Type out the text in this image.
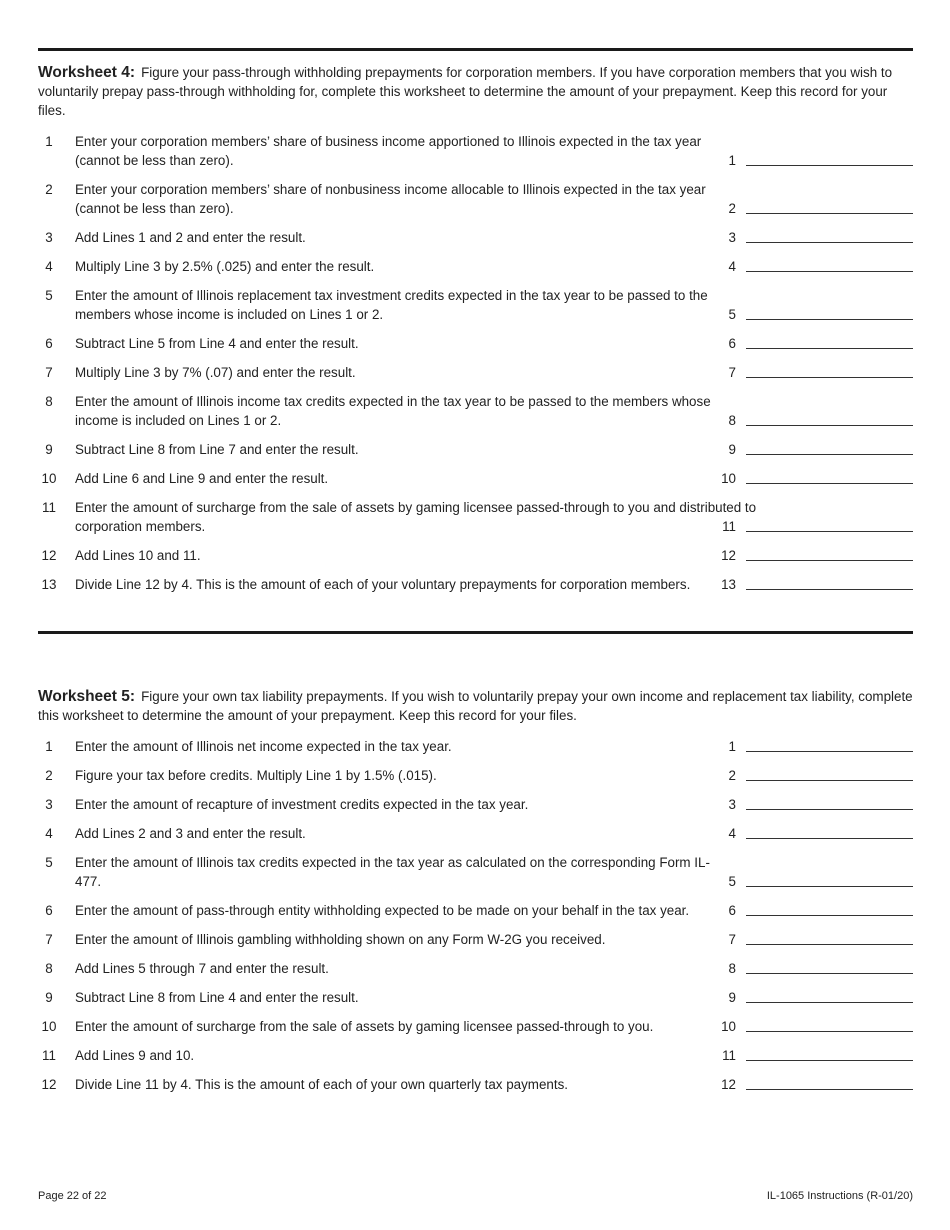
Worksheet 4: Figure your pass-through withholding prepayments for corporation members. If you have corporation members that you wish to voluntarily prepay pass-through withholding for, complete this worksheet to determine the amount of your prepayment. Keep this record for your files.

1	Enter your corporation members’ share of business income apportioned to Illinois expected in the tax year (cannot be less than zero).	1
2	Enter your corporation members’ share of nonbusiness income allocable to Illinois expected in the tax year (cannot be less than zero).	2
3	Add Lines 1 and 2 and enter the result.	3
4	Multiply Line 3 by 2.5% (.025) and enter the result.	4
5	Enter the amount of Illinois replacement tax investment credits expected in the tax year to be passed to the members whose income is included on Lines 1 or 2.	5
6	Subtract Line 5 from Line 4 and enter the result.	6
7	Multiply Line 3 by 7% (.07) and enter the result.	7
8	Enter the amount of Illinois income tax credits expected in the tax year to be passed to the members whose income is included on Lines 1 or 2.	8
9	Subtract Line 8 from Line 7 and enter the result.	9
10 Add Line 6 and Line 9 and enter the result.	10
11	Enter the amount of surcharge from the sale of assets by gaming licensee passed-through to you and distributed to corporation members.	11
12 Add Lines 10 and 11.	12
13 Divide Line 12 by 4. This is the amount of each of your voluntary prepayments for corporation members.	13

Worksheet 5: Figure your own tax liability prepayments. If you wish to voluntarily prepay your own income and replacement tax liability, complete this worksheet to determine the amount of your prepayment. Keep this record for your files.

1	Enter the amount of Illinois net income expected in the tax year.	1
2	Figure your tax before credits. Multiply Line 1 by 1.5% (.015).	2
3	Enter the amount of recapture of investment credits expected in the tax year.	3
4	Add Lines 2 and 3 and enter the result.	4
5	Enter the amount of Illinois tax credits expected in the tax year as calculated on the corresponding Form IL-477.	5
6	Enter the amount of pass-through entity withholding expected to be made on your behalf in the tax year.	6
7	Enter the amount of Illinois gambling withholding shown on any Form W-2G you received.	7
8	Add Lines 5 through 7 and enter the result.	8
9	Subtract Line 8 from Line 4 and enter the result.	9
10 Enter the amount of surcharge from the sale of assets by gaming licensee passed-through to you.	10
11	Add Lines 9 and 10.	11
12 Divide Line 11 by 4. This is the amount of each of your own quarterly tax payments.	12
Page 22 of 22	IL-1065 Instructions (R-01/20)
